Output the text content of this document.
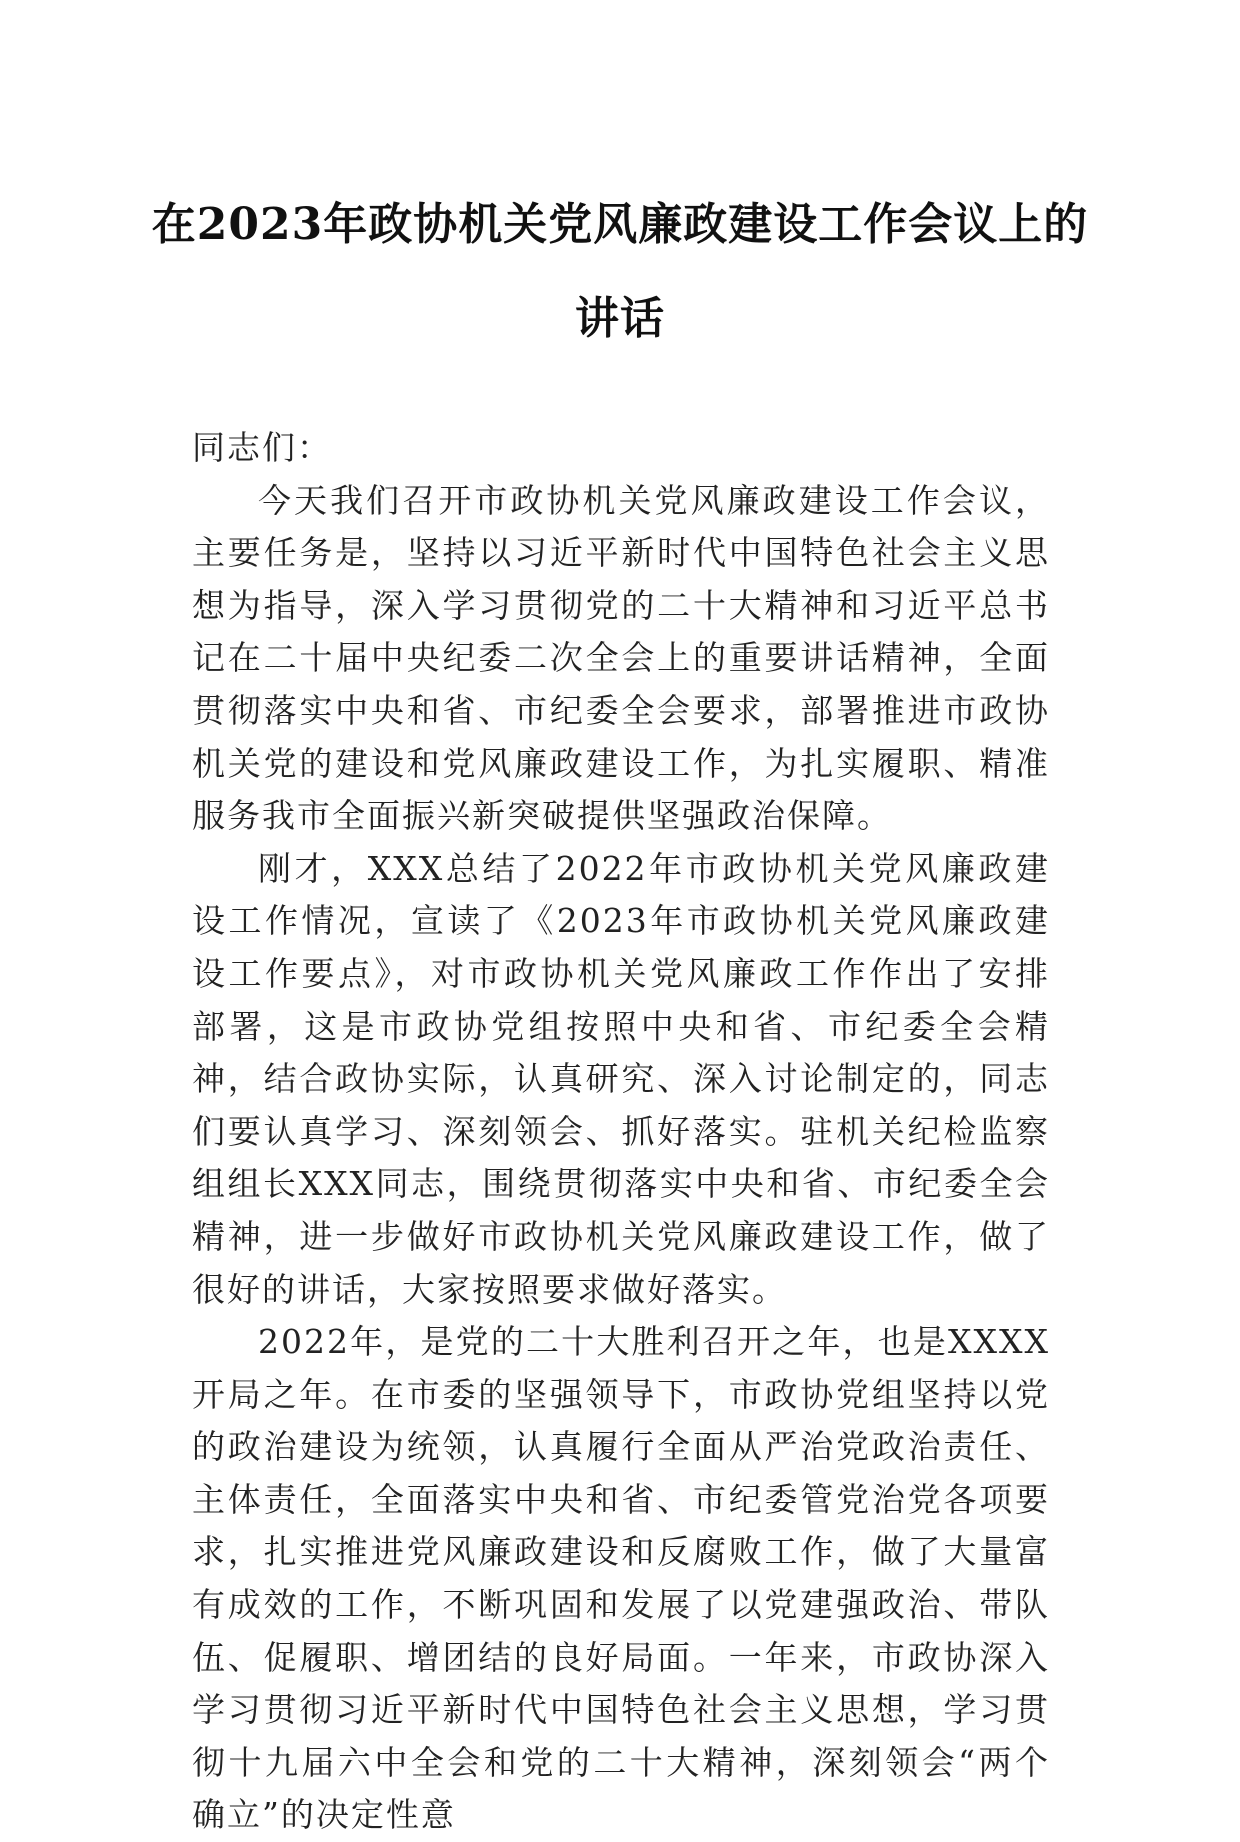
在2023年政协机关党风廉政建设工作会议上的讲话

同志们：

今天我们召开市政协机关党风廉政建设工作会议，主要任务是，坚持以习近平新时代中国特色社会主义思想为指导，深入学习贯彻党的二十大精神和习近平总书记在二十届中央纪委二次全会上的重要讲话精神，全面贯彻落实中央和省、市纪委全会要求，部署推进市政协机关党的建设和党风廉政建设工作，为扎实履职、精准服务我市全面振兴新突破提供坚强政治保障。

刚才，XXX总结了2022年市政协机关党风廉政建设工作情况，宣读了《2023年市政协机关党风廉政建设工作要点》，对市政协机关党风廉政工作作出了安排部署，这是市政协党组按照中央和省、市纪委全会精神，结合政协实际，认真研究、深入讨论制定的，同志们要认真学习、深刻领会、抓好落实。驻机关纪检监察组组长XXX同志，围绕贯彻落实中央和省、市纪委全会精神，进一步做好市政协机关党风廉政建设工作，做了很好的讲话，大家按照要求做好落实。

2022年，是党的二十大胜利召开之年，也是XXXX开局之年。在市委的坚强领导下，市政协党组坚持以党的政治建设为统领，认真履行全面从严治党政治责任、主体责任，全面落实中央和省、市纪委管党治党各项要求，扎实推进党风廉政建设和反腐败工作，做了大量富有成效的工作，不断巩固和发展了以党建强政治、带队伍、促履职、增团结的良好局面。一年来，市政协深入学习贯彻习近平新时代中国特色社会主义思想，学习贯彻十九届六中全会和党的二十大精神，深刻领会“两个确立”的决定性意
